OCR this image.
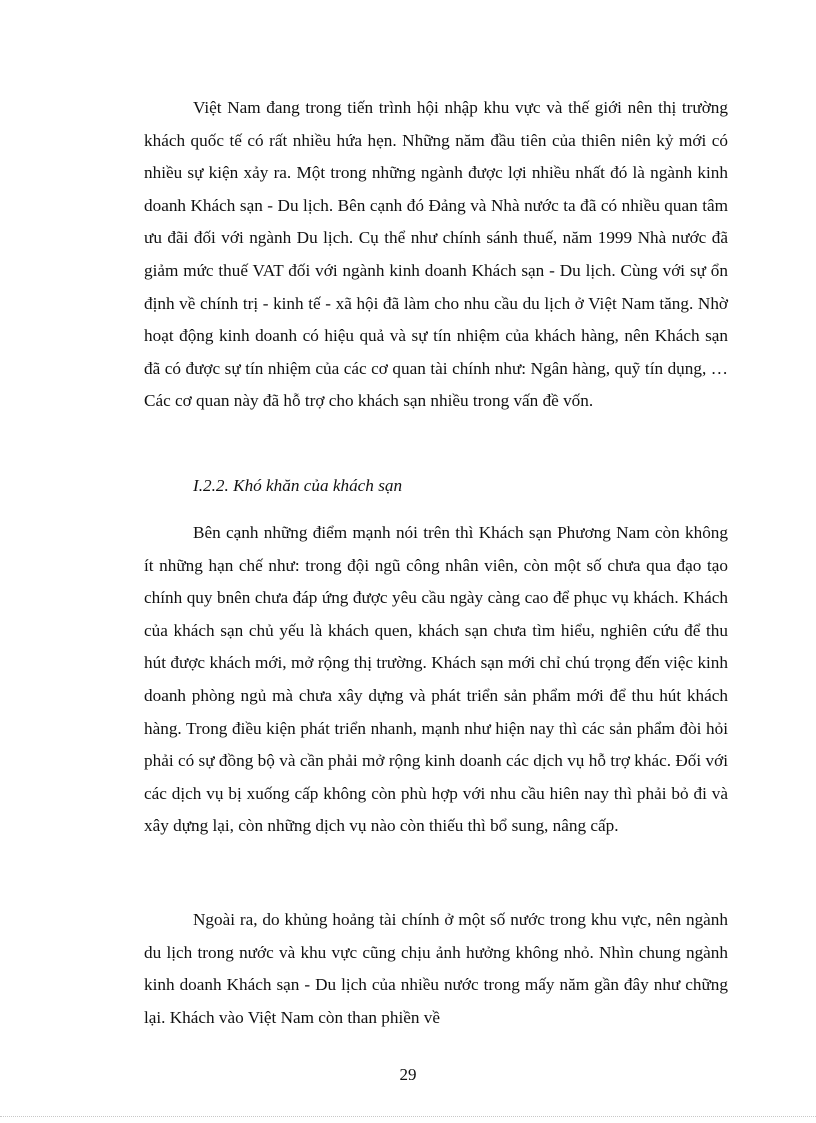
Việt Nam đang trong tiến trình hội nhập khu vực và thế giới nên thị trường khách quốc tế có rất nhiều hứa hẹn. Những năm đầu tiên của thiên niên kỷ mới có nhiều sự kiện xảy ra. Một trong những ngành được lợi nhiều nhất đó là ngành kinh doanh Khách sạn - Du lịch. Bên cạnh đó Đảng và Nhà nước ta đã có nhiều quan tâm ưu đãi đối với ngành Du lịch. Cụ thể như chính sánh thuế, năm 1999 Nhà nước đã giảm mức thuế VAT đối với ngành kinh doanh Khách sạn - Du lịch. Cùng với sự ổn định về chính trị - kinh tế - xã hội đã làm cho nhu cầu du lịch ở Việt Nam tăng. Nhờ hoạt động kinh doanh có hiệu quả và sự tín nhiệm của khách hàng, nên Khách sạn đã có được sự tín nhiệm của các cơ quan tài chính như: Ngân hàng, quỹ tín dụng, … Các cơ quan này đã hỗ trợ cho khách sạn nhiều trong vấn đề vốn.

I.2.2. Khó khăn của khách sạn

Bên cạnh những điểm mạnh nói trên thì Khách sạn Phương Nam còn không ít những hạn chế như: trong đội ngũ công nhân viên, còn một số chưa qua đạo tạo chính quy bnên chưa đáp ứng được yêu cầu ngày càng cao để phục vụ khách. Khách của khách sạn chủ yếu là khách quen, khách sạn chưa tìm hiểu, nghiên cứu để thu hút được khách mới, mở rộng thị trường. Khách sạn mới chỉ chú trọng đến việc kinh doanh phòng ngủ mà chưa xây dựng và phát triển sản phẩm mới để thu hút khách hàng. Trong điều kiện phát triển nhanh, mạnh như hiện nay thì các sản phẩm đòi hỏi phải có sự đồng bộ và cần phải mở rộng kinh doanh các dịch vụ hỗ trợ khác. Đối với các dịch vụ bị xuống cấp không còn phù hợp với nhu cầu hiên nay thì phải bỏ đi và xây dựng lại, còn những dịch vụ nào còn thiếu thì bổ sung, nâng cấp.

Ngoài ra, do khủng hoảng tài chính ở một số nước trong khu vực, nên ngành du lịch trong nước và khu vực cũng chịu ảnh hưởng không nhỏ. Nhìn chung ngành kinh doanh Khách sạn - Du lịch của nhiều nước trong mấy năm gần đây như chững lại. Khách vào Việt Nam còn than phiền về

29
